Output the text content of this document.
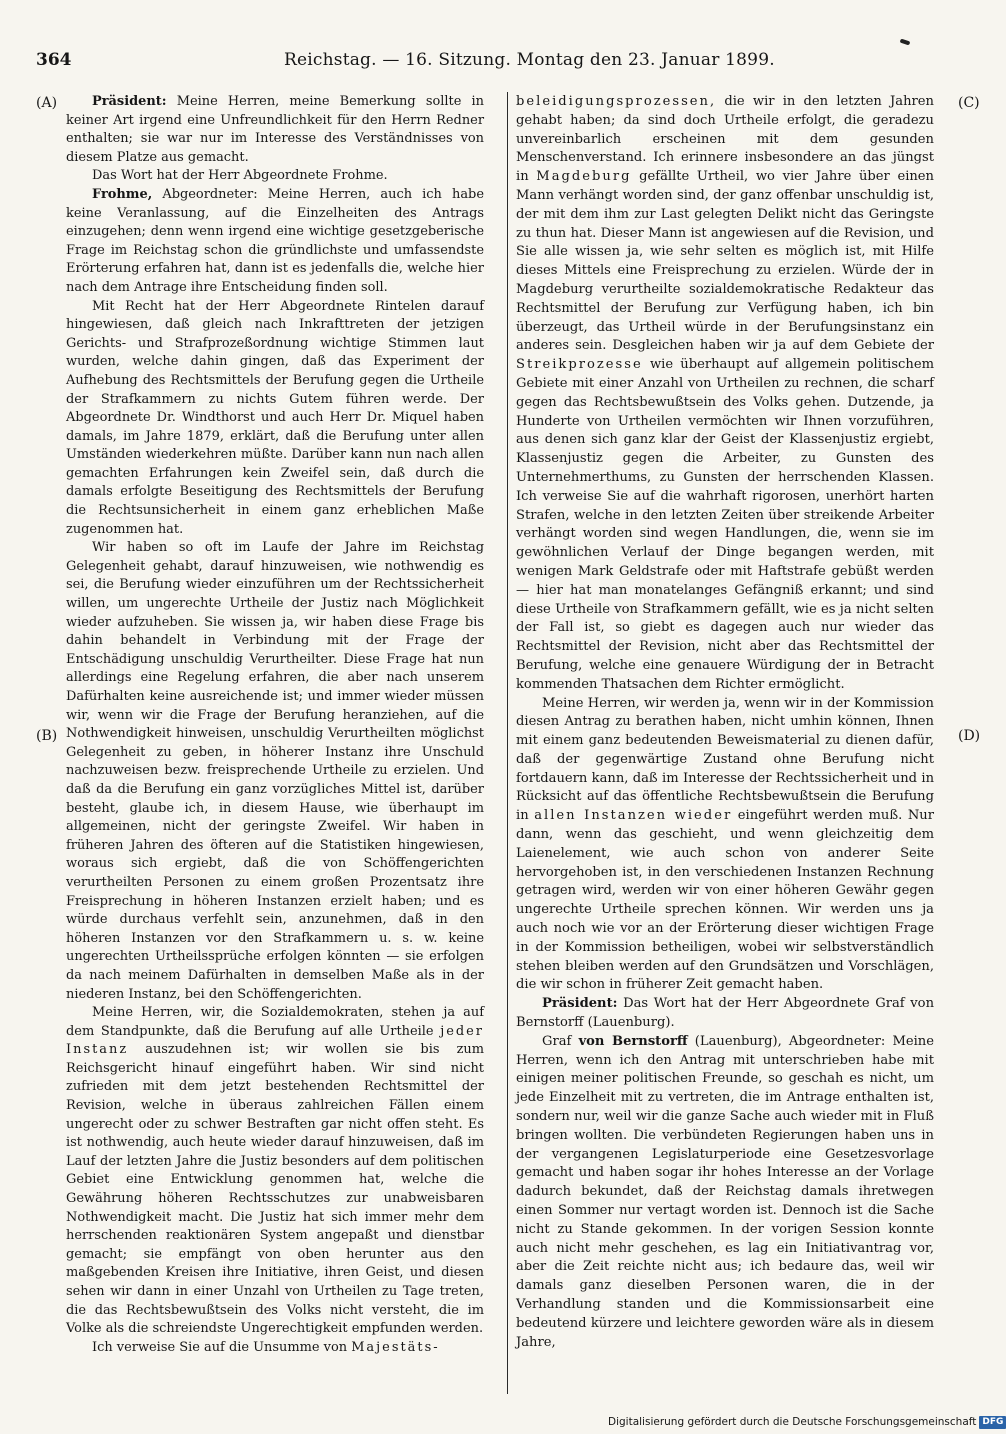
364	Reichstag. — 16. Sitzung. Montag den 23. Januar 1899.
(A)
(B)
(C)
(D)

Präsident: Meine Herren, meine Bemerkung sollte in keiner Art irgend eine Unfreundlichkeit für den Herrn Redner enthalten; sie war nur im Interesse des Verständnisses von diesem Platze aus gemacht.

Das Wort hat der Herr Abgeordnete Frohme.

Frohme, Abgeordneter: Meine Herren, auch ich habe keine Veranlassung, auf die Einzelheiten des Antrags einzugehen; denn wenn irgend eine wichtige gesetzgeberische Frage im Reichstag schon die gründlichste und umfassendste Erörterung erfahren hat, dann ist es jedenfalls die, welche hier nach dem Antrage ihre Entscheidung finden soll.

Mit Recht hat der Herr Abgeordnete Rintelen darauf hingewiesen, daß gleich nach Inkrafttreten der jetzigen Gerichts- und Strafprozeßordnung wichtige Stimmen laut wurden, welche dahin gingen, daß das Experiment der Aufhebung des Rechtsmittels der Berufung gegen die Urtheile der Strafkammern zu nichts Gutem führen werde. Der Abgeordnete Dr. Windthorst und auch Herr Dr. Miquel haben damals, im Jahre 1879, erklärt, daß die Berufung unter allen Umständen wiederkehren müßte. Darüber kann nun nach allen gemachten Erfahrungen kein Zweifel sein, daß durch die damals erfolgte Beseitigung des Rechtsmittels der Berufung die Rechtsunsicherheit in einem ganz erheblichen Maße zugenommen hat.

Wir haben so oft im Laufe der Jahre im Reichstag Gelegenheit gehabt, darauf hinzuweisen, wie nothwendig es sei, die Berufung wieder einzuführen um der Rechtssicherheit willen, um ungerechte Urtheile der Justiz nach Möglichkeit wieder aufzuheben. Sie wissen ja, wir haben diese Frage bis dahin behandelt in Verbindung mit der Frage der Entschädigung unschuldig Verurtheilter. Diese Frage hat nun allerdings eine Regelung erfahren, die aber nach unserem Dafürhalten keine ausreichende ist; und immer wieder müssen wir, wenn wir die Frage der Berufung heranziehen, auf die Nothwendigkeit hinweisen, unschuldig Verurtheilten möglichst Gelegenheit zu geben, in höherer Instanz ihre Unschuld nachzuweisen bezw. freisprechende Urtheile zu erzielen. Und daß da die Berufung ein ganz vorzügliches Mittel ist, darüber besteht, glaube ich, in diesem Hause, wie überhaupt im allgemeinen, nicht der geringste Zweifel. Wir haben in früheren Jahren des öfteren auf die Statistiken hingewiesen, woraus sich ergiebt, daß die von Schöffengerichten verurtheilten Personen zu einem großen Prozentsatz ihre Freisprechung in höheren Instanzen erzielt haben; und es würde durchaus verfehlt sein, anzunehmen, daß in den höheren Instanzen vor den Strafkammern u. s. w. keine ungerechten Urtheilssprüche erfolgen könnten — sie erfolgen da nach meinem Dafürhalten in demselben Maße als in der niederen Instanz, bei den Schöffengerichten.

Meine Herren, wir, die Sozialdemokraten, stehen ja auf dem Standpunkte, daß die Berufung auf alle Urtheile jeder Instanz auszudehnen ist; wir wollen sie bis zum Reichsgericht hinauf eingeführt haben. Wir sind nicht zufrieden mit dem jetzt bestehenden Rechtsmittel der Revision, welche in überaus zahlreichen Fällen einem ungerecht oder zu schwer Bestraften gar nicht offen steht. Es ist nothwendig, auch heute wieder darauf hinzuweisen, daß im Lauf der letzten Jahre die Justiz besonders auf dem politischen Gebiet eine Entwicklung genommen hat, welche die Gewährung höheren Rechtsschutzes zur unabweisbaren Nothwendigkeit macht. Die Justiz hat sich immer mehr dem herrschenden reaktionären System angepaßt und dienstbar gemacht; sie empfängt von oben herunter aus den maßgebenden Kreisen ihre Initiative, ihren Geist, und diesen sehen wir dann in einer Unzahl von Urtheilen zu Tage treten, die das Rechtsbewußtsein des Volks nicht versteht, die im Volke als die schreiendste Ungerechtigkeit empfunden werden.

Ich verweise Sie auf die Unsumme von Majestäts-

beleidigungsprozessen, die wir in den letzten Jahren gehabt haben; da sind doch Urtheile erfolgt, die geradezu unvereinbarlich erscheinen mit dem gesunden Menschenverstand. Ich erinnere insbesondere an das jüngst in Magdeburg gefällte Urtheil, wo vier Jahre über einen Mann verhängt worden sind, der ganz offenbar unschuldig ist, der mit dem ihm zur Last gelegten Delikt nicht das Geringste zu thun hat. Dieser Mann ist angewiesen auf die Revision, und Sie alle wissen ja, wie sehr selten es möglich ist, mit Hilfe dieses Mittels eine Freisprechung zu erzielen. Würde der in Magdeburg verurtheilte sozialdemokratische Redakteur das Rechtsmittel der Berufung zur Verfügung haben, ich bin überzeugt, das Urtheil würde in der Berufungsinstanz ein anderes sein. Desgleichen haben wir ja auf dem Gebiete der Streikprozesse wie überhaupt auf allgemein politischem Gebiete mit einer Anzahl von Urtheilen zu rechnen, die scharf gegen das Rechtsbewußtsein des Volks gehen. Dutzende, ja Hunderte von Urtheilen vermöchten wir Ihnen vorzuführen, aus denen sich ganz klar der Geist der Klassenjustiz ergiebt, Klassenjustiz gegen die Arbeiter, zu Gunsten des Unternehmerthums, zu Gunsten der herrschenden Klassen. Ich verweise Sie auf die wahrhaft rigorosen, unerhört harten Strafen, welche in den letzten Zeiten über streikende Arbeiter verhängt worden sind wegen Handlungen, die, wenn sie im gewöhnlichen Verlauf der Dinge begangen werden, mit wenigen Mark Geldstrafe oder mit Haftstrafe gebüßt werden — hier hat man monatelanges Gefängniß erkannt; und sind diese Urtheile von Strafkammern gefällt, wie es ja nicht selten der Fall ist, so giebt es dagegen auch nur wieder das Rechtsmittel der Revision, nicht aber das Rechtsmittel der Berufung, welche eine genauere Würdigung der in Betracht kommenden Thatsachen dem Richter ermöglicht.

Meine Herren, wir werden ja, wenn wir in der Kommission diesen Antrag zu berathen haben, nicht umhin können, Ihnen mit einem ganz bedeutenden Beweismaterial zu dienen dafür, daß der gegenwärtige Zustand ohne Berufung nicht fortdauern kann, daß im Interesse der Rechtssicherheit und in Rücksicht auf das öffentliche Rechtsbewußtsein die Berufung in allen Instanzen wieder eingeführt werden muß. Nur dann, wenn das geschieht, und wenn gleichzeitig dem Laienelement, wie auch schon von anderer Seite hervorgehoben ist, in den verschiedenen Instanzen Rechnung getragen wird, werden wir von einer höheren Gewähr gegen ungerechte Urtheile sprechen können. Wir werden uns ja auch noch wie vor an der Erörterung dieser wichtigen Frage in der Kommission betheiligen, wobei wir selbstverständlich stehen bleiben werden auf den Grundsätzen und Vorschlägen, die wir schon in früherer Zeit gemacht haben.

Präsident: Das Wort hat der Herr Abgeordnete Graf von Bernstorff (Lauenburg).

Graf von Bernstorff (Lauenburg), Abgeordneter: Meine Herren, wenn ich den Antrag mit unterschrieben habe mit einigen meiner politischen Freunde, so geschah es nicht, um jede Einzelheit mit zu vertreten, die im Antrage enthalten ist, sondern nur, weil wir die ganze Sache auch wieder mit in Fluß bringen wollten. Die verbündeten Regierungen haben uns in der vergangenen Legislaturperiode eine Gesetzesvorlage gemacht und haben sogar ihr hohes Interesse an der Vorlage dadurch bekundet, daß der Reichstag damals ihretwegen einen Sommer nur vertagt worden ist. Dennoch ist die Sache nicht zu Stande gekommen. In der vorigen Session konnte auch nicht mehr geschehen, es lag ein Initiativantrag vor, aber die Zeit reichte nicht aus; ich bedaure das, weil wir damals ganz dieselben Personen waren, die in der Verhandlung standen und die Kommissionsarbeit eine bedeutend kürzere und leichtere geworden wäre als in diesem Jahre,

Digitalisierung gefördert durch die Deutsche Forschungsgemeinschaft DFG
